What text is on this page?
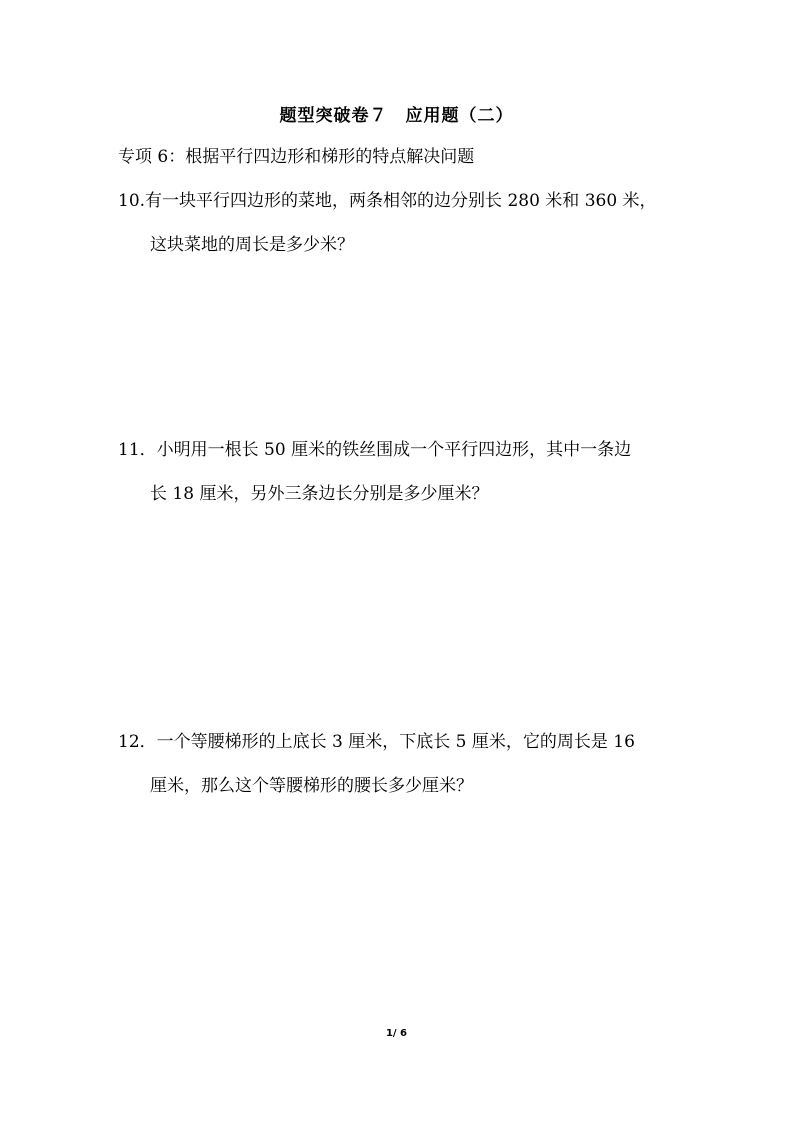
题型突破卷７　应用题（二）
专项 6：根据平行四边形和梯形的特点解决问题
10.有一块平行四边形的菜地，两条相邻的边分别长 280 米和 360 米，
这块菜地的周长是多少米？
11．小明用一根长 50 厘米的铁丝围成一个平行四边形，其中一条边
长 18 厘米，另外三条边长分别是多少厘米？
12．一个等腰梯形的上底长 3 厘米，下底长 5 厘米，它的周长是 16
厘米，那么这个等腰梯形的腰长多少厘米？
1/ 6
